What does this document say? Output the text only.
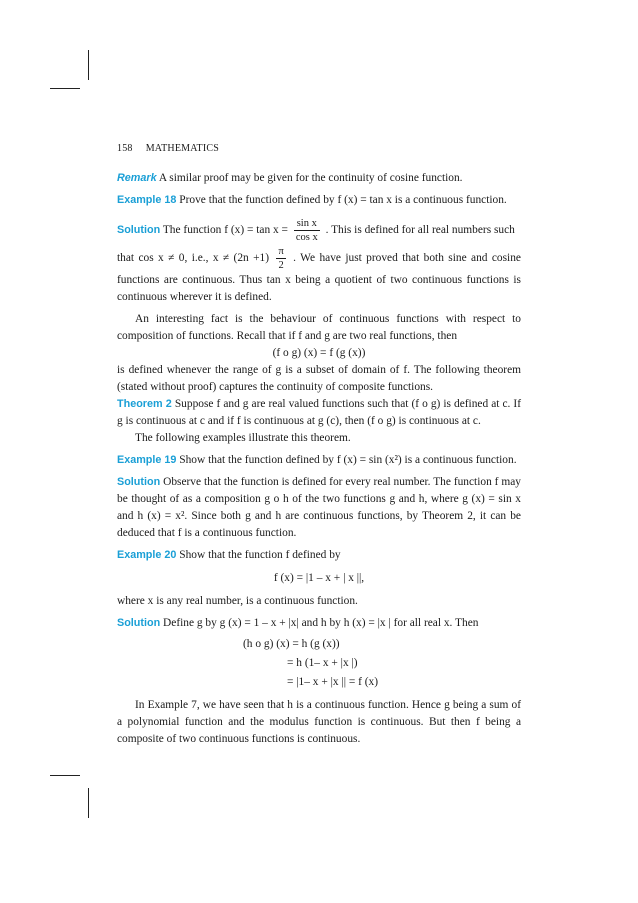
158 MATHEMATICS

Remark A similar proof may be given for the continuity of cosine function.

Example 18 Prove that the function defined by f (x) = tan x is a continuous function.

Solution The function f $(x) = \tan x = \frac{\text{sin x}}{\text{cos x}}$ . This is defined for all real numbers such

that cos x ≠ 0, i.e., $x \ne (2n +1) \frac{\pi}{2}$ . We have just proved that both sine and cosine functions are continuous. Thus tan x being a quotient of two continuous functions is continuous wherever it is defined.

An interesting fact is the behaviour of continuous functions with respect to composition of functions. Recall that if f and g are two real functions, then

(f o g) (x) = f (g (x))

is defined whenever the range of g is a subset of domain of f. The following theorem (stated without proof) captures the continuity of composite functions.

Theorem 2 Suppose f and g are real valued functions such that (f o g) is defined at c. If g is continuous at c and if f is continuous at g (c), then (f o g) is continuous at c.

The following examples illustrate this theorem.

Example 19 Show that the function defined by f (x) = sin (x²) is a continuous function.

Solution Observe that the function is defined for every real number. The function f may be thought of as a composition g o h of the two functions g and h, where g (x) = sin x and h (x) = x². Since both g and h are continuous functions, by Theorem 2, it can be deduced that f is a continuous function.

Example 20 Show that the function f defined by

f (x) = |1 – x + | x ||,

where x is any real number, is a continuous function.

Solution Define g by g (x) = 1 – x + |x| and h by h (x) = |x | for all real x. Then

(h o g) (x) = h (g (x))
= h (1– x + |x |)
= |1– x + |x || = f (x)

In Example 7, we have seen that h is a continuous function. Hence g being a sum of a polynomial function and the modulus function is continuous. But then f being a composite of two continuous functions is continuous.
